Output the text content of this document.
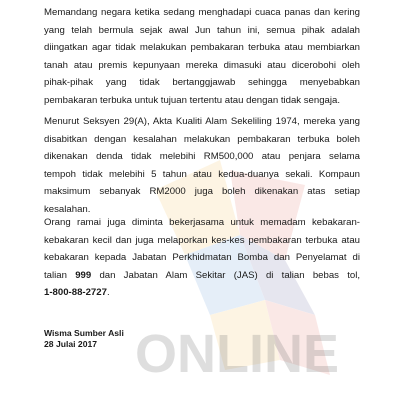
ONLINE
Memandang negara ketika sedang menghadapi cuaca panas dan kering
yang telah bermula sejak awal Jun tahun ini, semua pihak adalah
diingatkan agar tidak melakukan pembakaran terbuka atau membiarkan
tanah atau premis kepunyaan mereka dimasuki atau dicerobohi oleh
pihak-pihak yang tidak bertanggjawab sehingga menyebabkan
pembakaran terbuka untuk tujuan tertentu atau dengan tidak sengaja.
Menurut Seksyen 29(A), Akta Kualiti Alam Sekeliling 1974, mereka yang
disabitkan dengan kesalahan melakukan pembakaran terbuka boleh
dikenakan denda tidak melebihi RM500,000 atau penjara selama
tempoh tidak melebihi 5 tahun atau kedua-duanya sekali. Kompaun
maksimum sebanyak RM2000 juga boleh dikenakan atas setiap
kesalahan.
Orang ramai juga diminta bekerjasama untuk memadam kebakaran-
kebakaran kecil dan juga melaporkan kes-kes pembakaran terbuka atau
kebakaran kepada Jabatan Perkhidmatan Bomba dan Penyelamat di
talian 999 dan Jabatan Alam Sekitar (JAS) di talian bebas tol,
1-800-88-2727.
Wisma Sumber Asli
28 Julai 2017
